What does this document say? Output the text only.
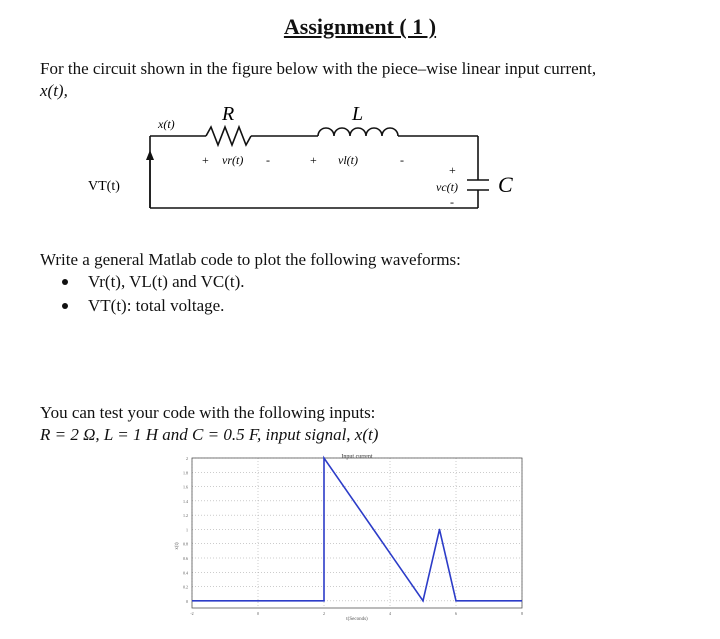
Assignment ( 1 )
For the circuit shown in the figure below with the piece–wise linear input current,
x(t),
x(t) R	L
+ vr(t) -	+ vl(t)	-
+
vc(t)
-
C
VT(t)
Write a general Matlab code to plot the following waveforms:
Vr(t), VL(t) and VC(t).
VT(t): total voltage.
You can test your code with the following inputs:
R = 2 Ω, L = 1 H and C = 0.5 F, input signal, x(t)
Input current
t(Seconds)
x(t)
0
0.2
0.4
0.6
0.8
1
1.2
1.4
1.6
1.8
2
-2	0	2	4	6	8
